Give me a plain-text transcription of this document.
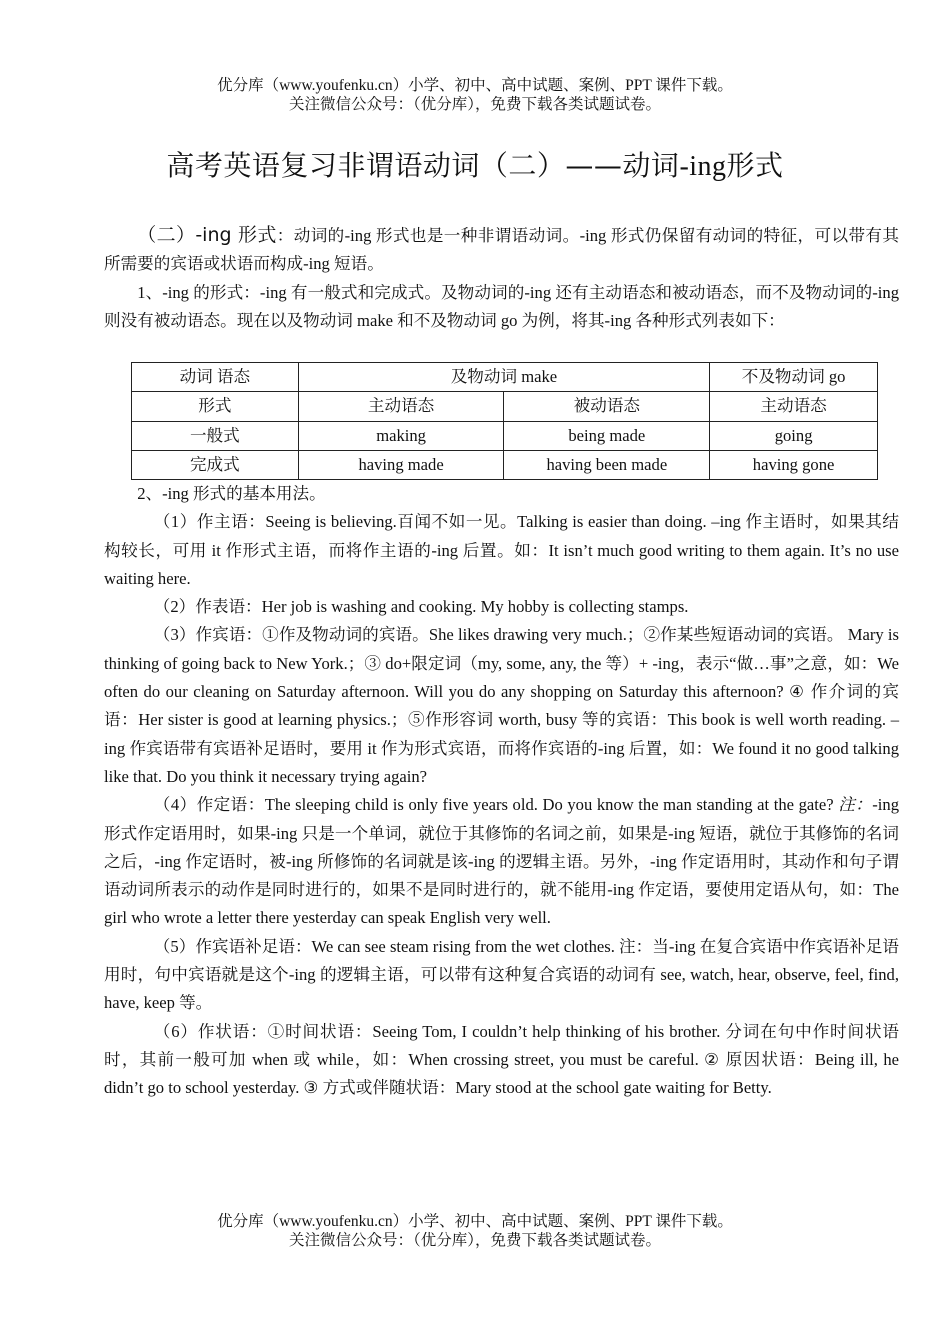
优分库（www.youfenku.cn）小学、初中、高中试题、案例、PPT 课件下载。
关注微信公众号：（优分库），免费下载各类试题试卷。
高考英语复习非谓语动词（二）——动词-ing形式

（二）-ing 形式：动词的-ing 形式也是一种非谓语动词。-ing 形式仍保留有动词的特征，可以带有其所需要的宾语或状语而构成-ing 短语。

1、-ing 的形式：-ing 有一般式和完成式。及物动词的-ing 还有主动语态和被动语态，而不及物动词的-ing 则没有被动语态。现在以及物动词 make 和不及物动词 go 为例，将其-ing 各种形式列表如下：

动词 语态	及物动词 make		不及物动词 go
形式	主动语态	被动语态	主动语态
一般式	making	being made	going
完成式	having made	having been made	having gone

2、-ing 形式的基本用法。

（1）作主语：Seeing is believing.百闻不如一见。Talking is easier than doing. –ing 作主语时，如果其结构较长，可用 it 作形式主语，而将作主语的-ing 后置。如：It isn’t much good writing to them again. It’s no use waiting here.

（2）作表语：Her job is washing and cooking. My hobby is collecting stamps.

（3）作宾语：①作及物动词的宾语。She likes drawing very much.；②作某些短语动词的宾语。 Mary is thinking of going back to New York.；③ do+限定词（my, some, any, the 等）+ -ing，表示“做…事”之意，如：We often do our cleaning on Saturday afternoon. Will you do any shopping on Saturday this afternoon? ④ 作介词的宾语：Her sister is good at learning physics.；⑤作形容词 worth, busy 等的宾语：This book is well worth reading. –ing 作宾语带有宾语补足语时，要用 it 作为形式宾语，而将作宾语的-ing 后置，如：We found it no good talking like that. Do you think it necessary trying again?

（4）作定语：The sleeping child is only five years old. Do you know the man standing at the gate? 注：-ing 形式作定语用时，如果-ing 只是一个单词，就位于其修饰的名词之前，如果是-ing 短语，就位于其修饰的名词之后，-ing 作定语时，被-ing 所修饰的名词就是该-ing 的逻辑主语。另外，-ing 作定语用时，其动作和句子谓语动词所表示的动作是同时进行的，如果不是同时进行的，就不能用-ing 作定语，要使用定语从句，如：The girl who wrote a letter there yesterday can speak English very well.

（5）作宾语补足语：We can see steam rising from the wet clothes. 注：当-ing 在复合宾语中作宾语补足语用时，句中宾语就是这个-ing 的逻辑主语，可以带有这种复合宾语的动词有 see, watch, hear, observe, feel, find, have, keep 等。

（6）作状语：①时间状语：Seeing Tom, I couldn’t help thinking of his brother. 分词在句中作时间状语时，其前一般可加 when 或 while，如：When crossing street, you must be careful. ② 原因状语：Being ill, he didn’t go to school yesterday. ③ 方式或伴随状语：Mary stood at the school gate waiting for Betty.

优分库（www.youfenku.cn）小学、初中、高中试题、案例、PPT 课件下载。
关注微信公众号：（优分库），免费下载各类试题试卷。
